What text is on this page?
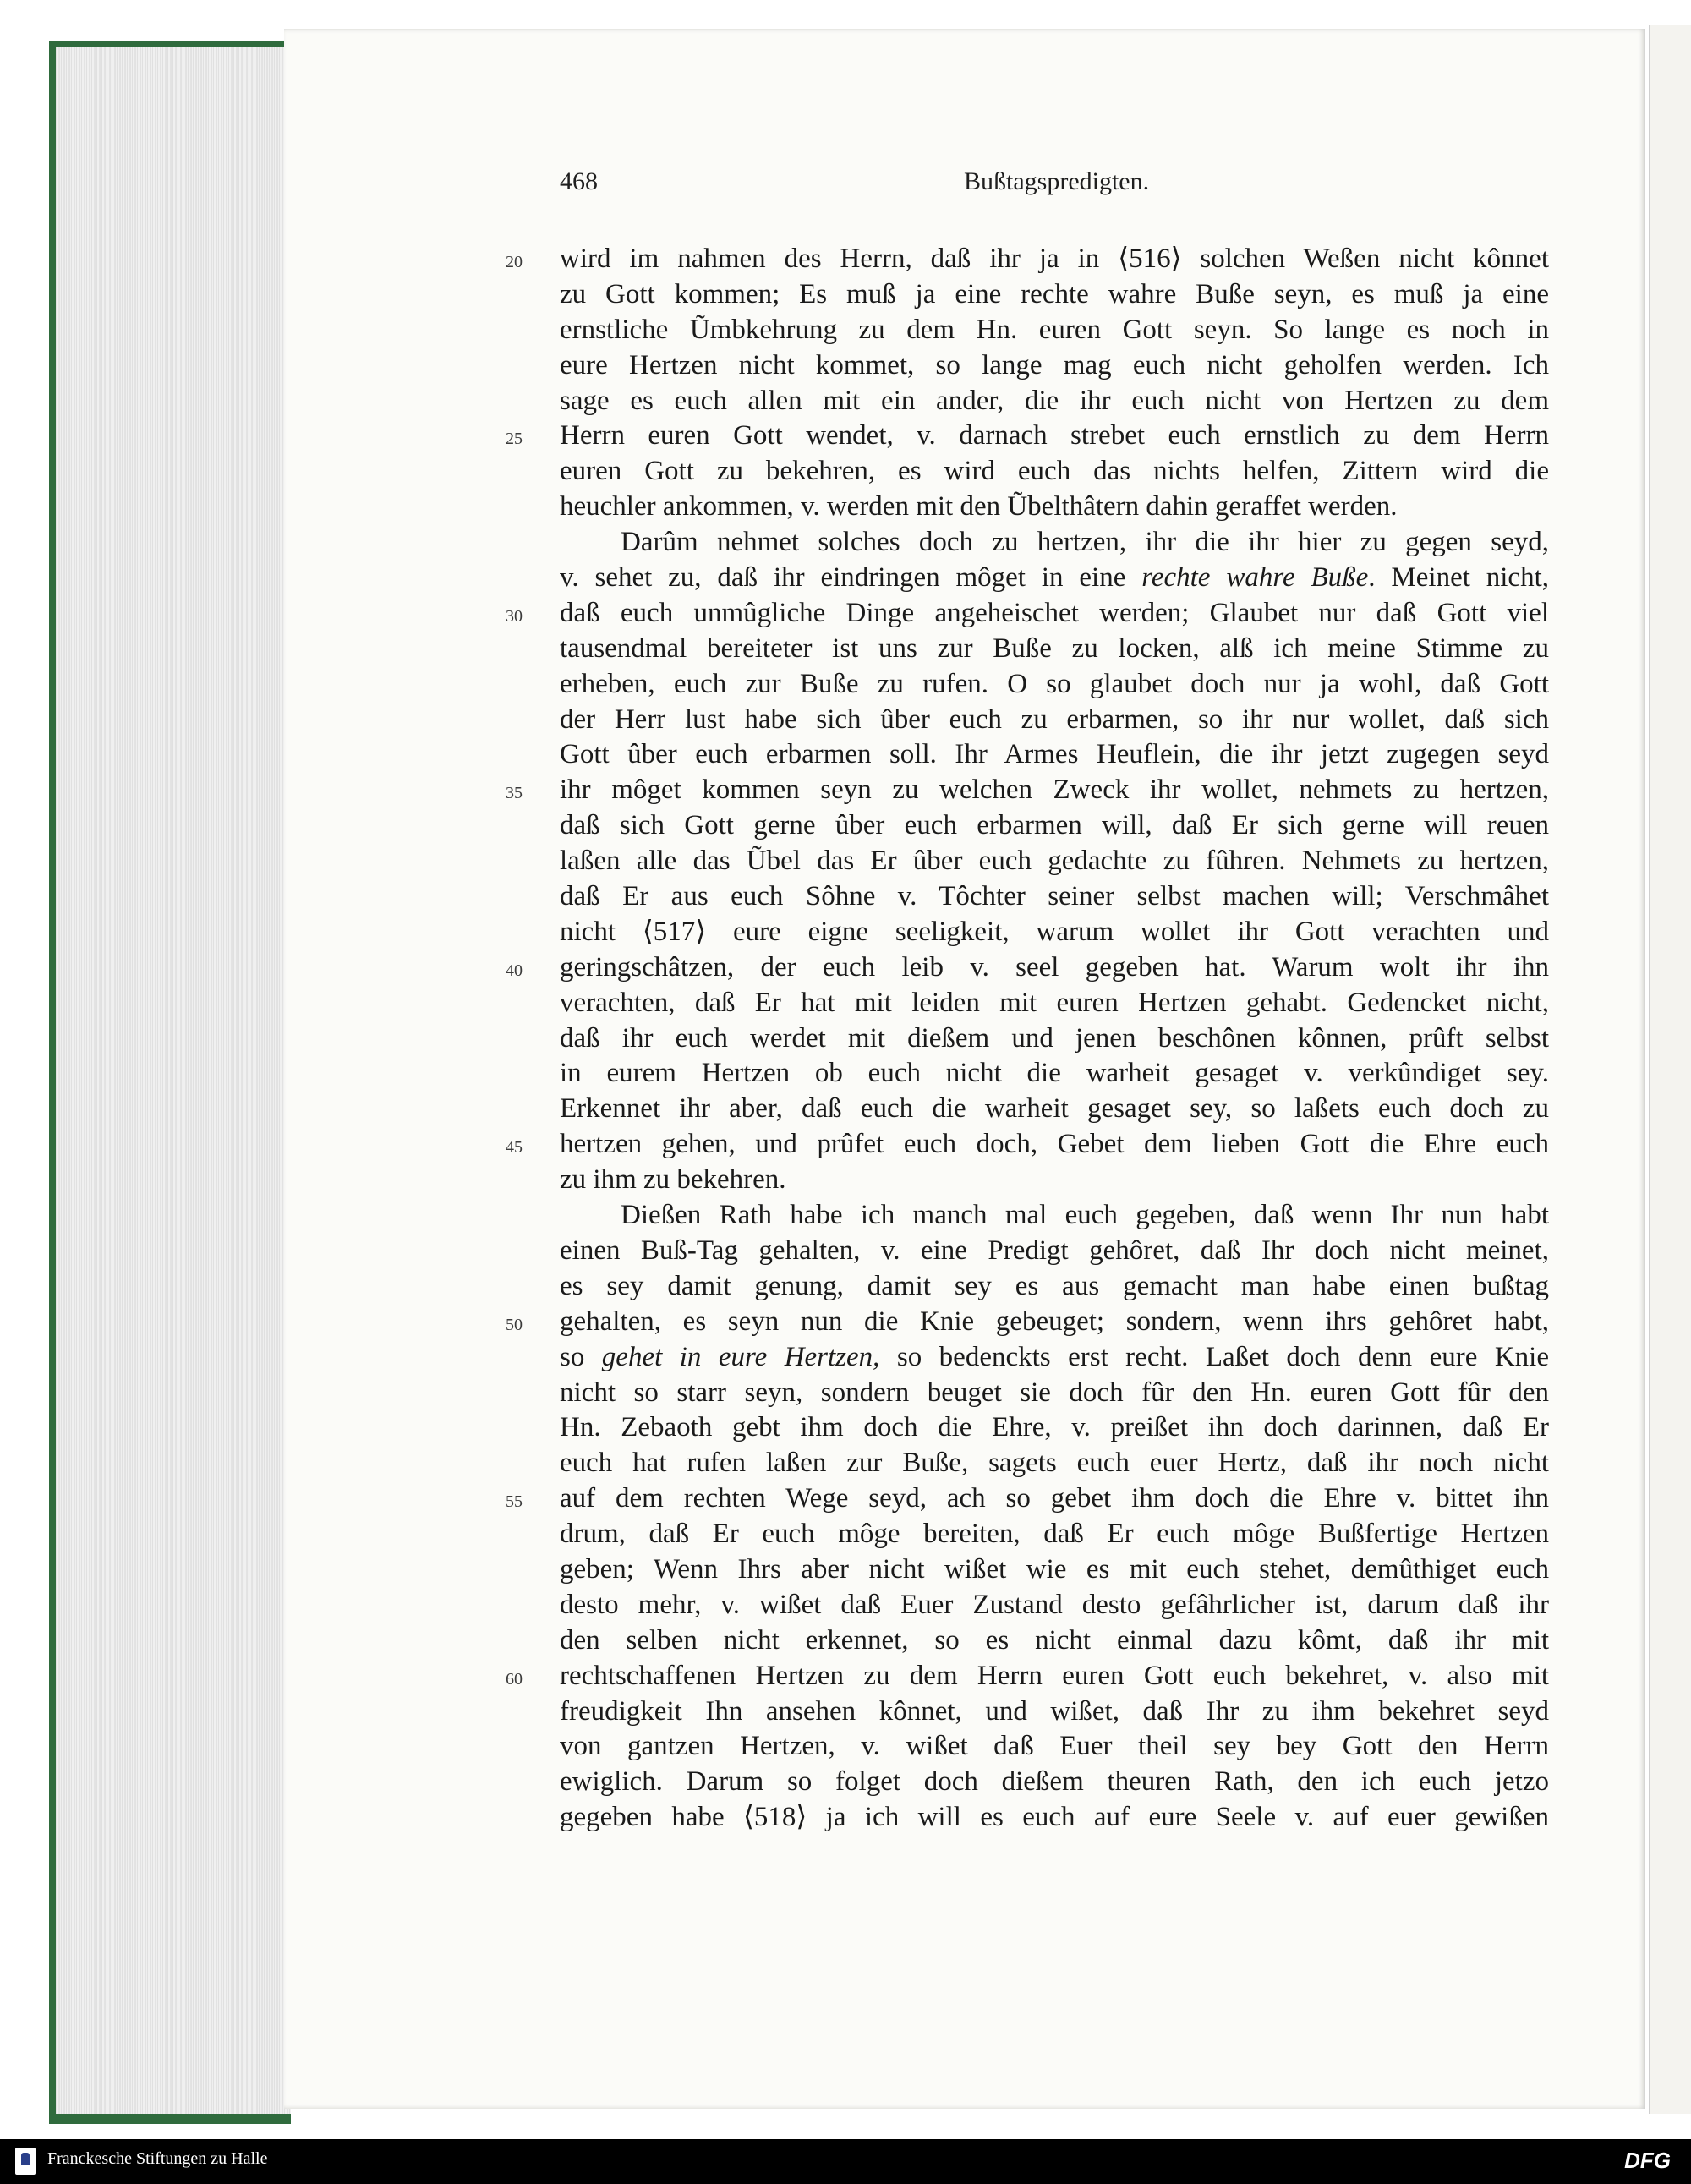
468	Bußtagspredigten.
20 wird im nahmen des Herrn, daß ihr ja in ⟨516⟩ solchen Weßen nicht kônnet
zu Gott kommen; Es muß ja eine rechte wahre Buße seyn, es muß ja eine
ernstliche Ũmbkehrung zu dem Hn. euren Gott seyn. So lange es noch in
eure Hertzen nicht kommet, so lange mag euch nicht geholfen werden. Ich
sage es euch allen mit ein ander, die ihr euch nicht von Hertzen zu dem
25 Herrn euren Gott wendet, v. darnach strebet euch ernstlich zu dem Herrn
euren Gott zu bekehren, es wird euch das nichts helfen, Zittern wird die
heuchler ankommen, v. werden mit den Ũbelthâtern dahin geraffet werden.
Darûm nehmet solches doch zu hertzen, ihr die ihr hier zu gegen seyd,
v. sehet zu, daß ihr eindringen môget in eine rechte wahre Buße. Meinet nicht,
30 daß euch unmûgliche Dinge angeheischet werden; Glaubet nur daß Gott viel
tausendmal bereiteter ist uns zur Buße zu locken, alß ich meine Stimme zu
erheben, euch zur Buße zu rufen. O so glaubet doch nur ja wohl, daß Gott
der Herr lust habe sich ûber euch zu erbarmen, so ihr nur wollet, daß sich
Gott ûber euch erbarmen soll. Ihr Armes Heuflein, die ihr jetzt zugegen seyd
35 ihr môget kommen seyn zu welchen Zweck ihr wollet, nehmets zu hertzen,
daß sich Gott gerne ûber euch erbarmen will, daß Er sich gerne will reuen
laßen alle das Ũbel das Er ûber euch gedachte zu fûhren. Nehmets zu hertzen,
daß Er aus euch Sôhne v. Tôchter seiner selbst machen will; Verschmâhet
nicht ⟨517⟩ eure eigne seeligkeit, warum wollet ihr Gott verachten und
40 geringschâtzen, der euch leib v. seel gegeben hat. Warum wolt ihr ihn
verachten, daß Er hat mit leiden mit euren Hertzen gehabt. Gedencket nicht,
daß ihr euch werdet mit dießem und jenen beschônen kônnen, prûft selbst
in eurem Hertzen ob euch nicht die warheit gesaget v. verkûndiget sey.
Erkennet ihr aber, daß euch die warheit gesaget sey, so laßets euch doch zu
45 hertzen gehen, und prûfet euch doch, Gebet dem lieben Gott die Ehre euch
zu ihm zu bekehren.
Dießen Rath habe ich manch mal euch gegeben, daß wenn Ihr nun habt
einen Buß-Tag gehalten, v. eine Predigt gehôret, daß Ihr doch nicht meinet,
es sey damit genung, damit sey es aus gemacht man habe einen bußtag
50 gehalten, es seyn nun die Knie gebeuget; sondern, wenn ihrs gehôret habt,
so gehet in eure Hertzen, so bedenckts erst recht. Laßet doch denn eure Knie
nicht so starr seyn, sondern beuget sie doch fûr den Hn. euren Gott fûr den
Hn. Zebaoth gebt ihm doch die Ehre, v. preißet ihn doch darinnen, daß Er
euch hat rufen laßen zur Buße, sagets euch euer Hertz, daß ihr noch nicht
55 auf dem rechten Wege seyd, ach so gebet ihm doch die Ehre v. bittet ihn
drum, daß Er euch môge bereiten, daß Er euch môge Bußfertige Hertzen
geben; Wenn Ihrs aber nicht wißet wie es mit euch stehet, demûthiget euch
desto mehr, v. wißet daß Euer Zustand desto gefâhrlicher ist, darum daß ihr
den selben nicht erkennet, so es nicht einmal dazu kômt, daß ihr mit
60 rechtschaffenen Hertzen zu dem Herrn euren Gott euch bekehret, v. also mit
freudigkeit Ihn ansehen kônnet, und wißet, daß Ihr zu ihm bekehret seyd
von gantzen Hertzen, v. wißet daß Euer theil sey bey Gott den Herrn
ewiglich. Darum so folget doch dießem theuren Rath, den ich euch jetzo
gegeben habe ⟨518⟩ ja ich will es euch auf eure Seele v. auf euer gewißen
Franckesche Stiftungen zu Halle	DFG
